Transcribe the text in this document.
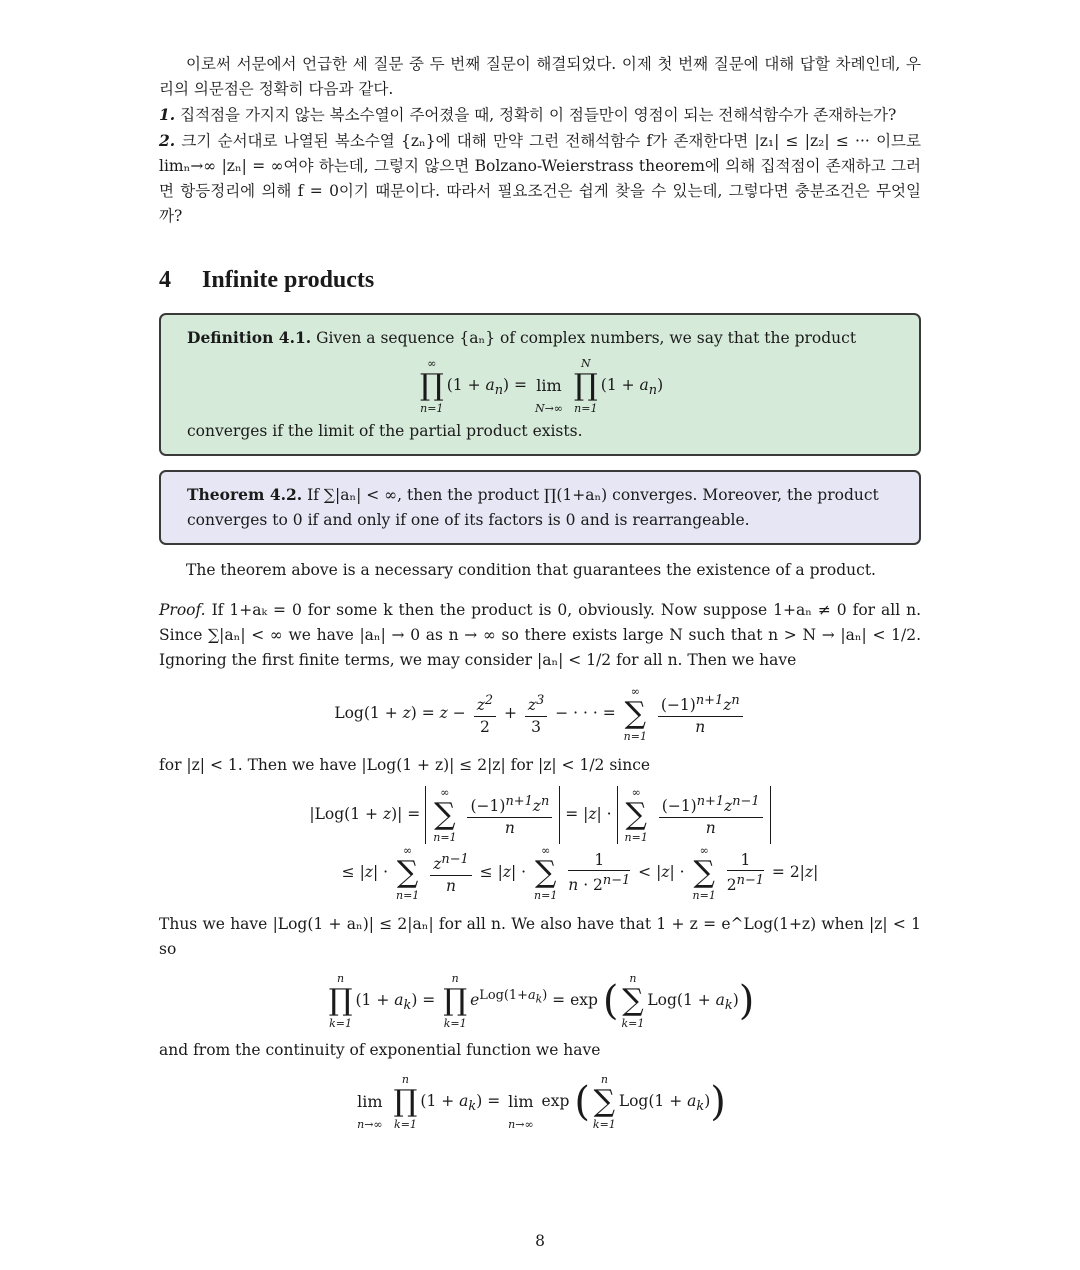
이로써 서문에서 언급한 세 질문 중 두 번째 질문이 해결되었다. 이제 첫 번째 질문에 대해 답할 차례인데, 우리의 의문점은 정확히 다음과 같다.

1. 집적점을 가지지 않는 복소수열이 주어졌을 때, 정확히 이 점들만이 영점이 되는 전해석함수가 존재하는가?

2. 크기 순서대로 나열된 복소수열 {zₙ}에 대해 만약 그런 전해석함수 f가 존재한다면 |z₁| ≤ |z₂| ≤ ··· 이므로 limₙ→∞ |zₙ| = ∞여야 하는데, 그렇지 않으면 Bolzano-Weierstrass theorem에 의해 집적점이 존재하고 그러면 항등정리에 의해 f = 0이기 때문이다. 따라서 필요조건은 쉽게 찾을 수 있는데, 그렇다면 충분조건은 무엇일까?

4 Infinite products

Definition 4.1. Given a sequence {aₙ} of complex numbers, we say that the product

∞
∏
n=1
$(1 + a_n)$ =
lim
N→∞

N
∏
n=1
$(1 + a_n)$

converges if the limit of the partial product exists.

Theorem 4.2. If ∑|aₙ| < ∞, then the product ∏(1+aₙ) converges. Moreover, the product converges to 0 if and only if one of its factors is 0 and is rearrangeable.

The theorem above is a necessary condition that guarantees the existence of a product.

Proof. If 1+aₖ = 0 for some k then the product is 0, obviously. Now suppose 1+aₙ ≠ 0 for all n. Since ∑|aₙ| < ∞ we have |aₙ| → 0 as n → ∞ so there exists large N such that n > N → |aₙ| < 1/2. Ignoring the first finite terms, we may consider |aₙ| < 1/2 for all n. Then we have

$Log(1 + z) = z - \frac{z^2}{2} + \frac{z^3}{3}$ − · · · =
∞
∑
n=1
$\frac{(-1)^{n+1}z^n}{n}$

for |z| < 1. Then we have |Log(1 + z)| ≤ 2|z| for |z| < 1/2 since

|Log(1 + z)| =
∞
∑
n=1
$\frac{(-1)^{n+1}z^n}{n} = |z|$ ·
∞
∑
n=1
$\frac{(-1)^{n+1}z^{n-1}}{n}$
≤ |z| ·
∞
∑
n=1
$\frac{z^{n-1}}{n} \le |z|$ ·
∞
∑
n=1
$\frac{1}{n \cdot 2^{n-1}} < |z|$ ·
∞
∑
n=1
$\frac{1}{2^{n-1}} = 2|z|$

Thus we have |Log(1 + aₙ)| ≤ 2|aₙ| for all n. We also have that 1 + z = e^Log(1+z) when |z| < 1 so

n
∏
k=1
$(1 + a_k)$ =
n
∏
k=1
$e^{Log(1+a_k)} = \exp$ ( n
∑
k=1
$Log(1 + a_k)$)

and from the continuity of exponential function we have

lim
n→∞

n
∏
k=1
$(1 + a_k)$ =
lim
n→∞
exp ( n
∑
k=1
$Log(1 + a_k)$)
8
